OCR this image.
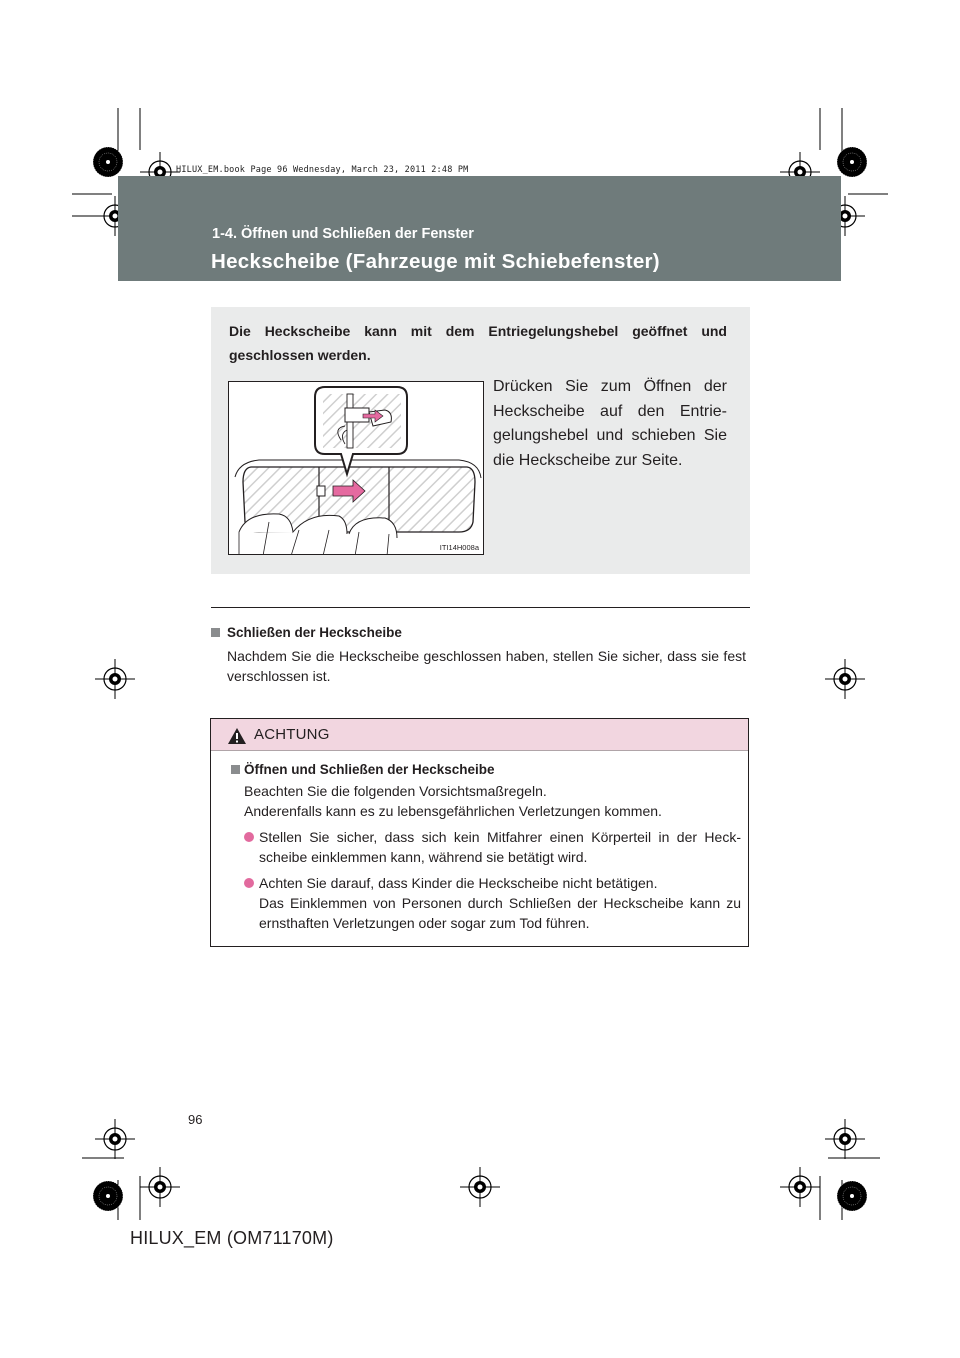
HILUX_EM.book Page 96 Wednesday, March 23, 2011 2:48 PM
1-4. Öffnen und Schließen der Fenster
Heckscheibe (Fahrzeuge mit Schiebefenster)
Die Heckscheibe kann mit dem Entriegelungshebel geöffnet und geschlossen werden.
ITI14H008a
Drücken Sie zum Öffnen der Heckscheibe auf den Entrie-gelungshebel und schieben Sie die Heckscheibe zur Seite.
Schließen der Heckscheibe
Nachdem Sie die Heckscheibe geschlossen haben, stellen Sie sicher, dass sie fest verschlossen ist.
ACHTUNG
Öffnen und Schließen der Heckscheibe
Beachten Sie die folgenden Vorsichtsmaßregeln.
Anderenfalls kann es zu lebensgefährlichen Verletzungen kommen.
Stellen Sie sicher, dass sich kein Mitfahrer einen Körperteil in der Heck-scheibe einklemmen kann, während sie betätigt wird.
Achten Sie darauf, dass Kinder die Heckscheibe nicht betätigen.
Das Einklemmen von Personen durch Schließen der Heckscheibe kann zu ernsthaften Verletzungen oder sogar zum Tod führen.
96
HILUX_EM (OM71170M)
